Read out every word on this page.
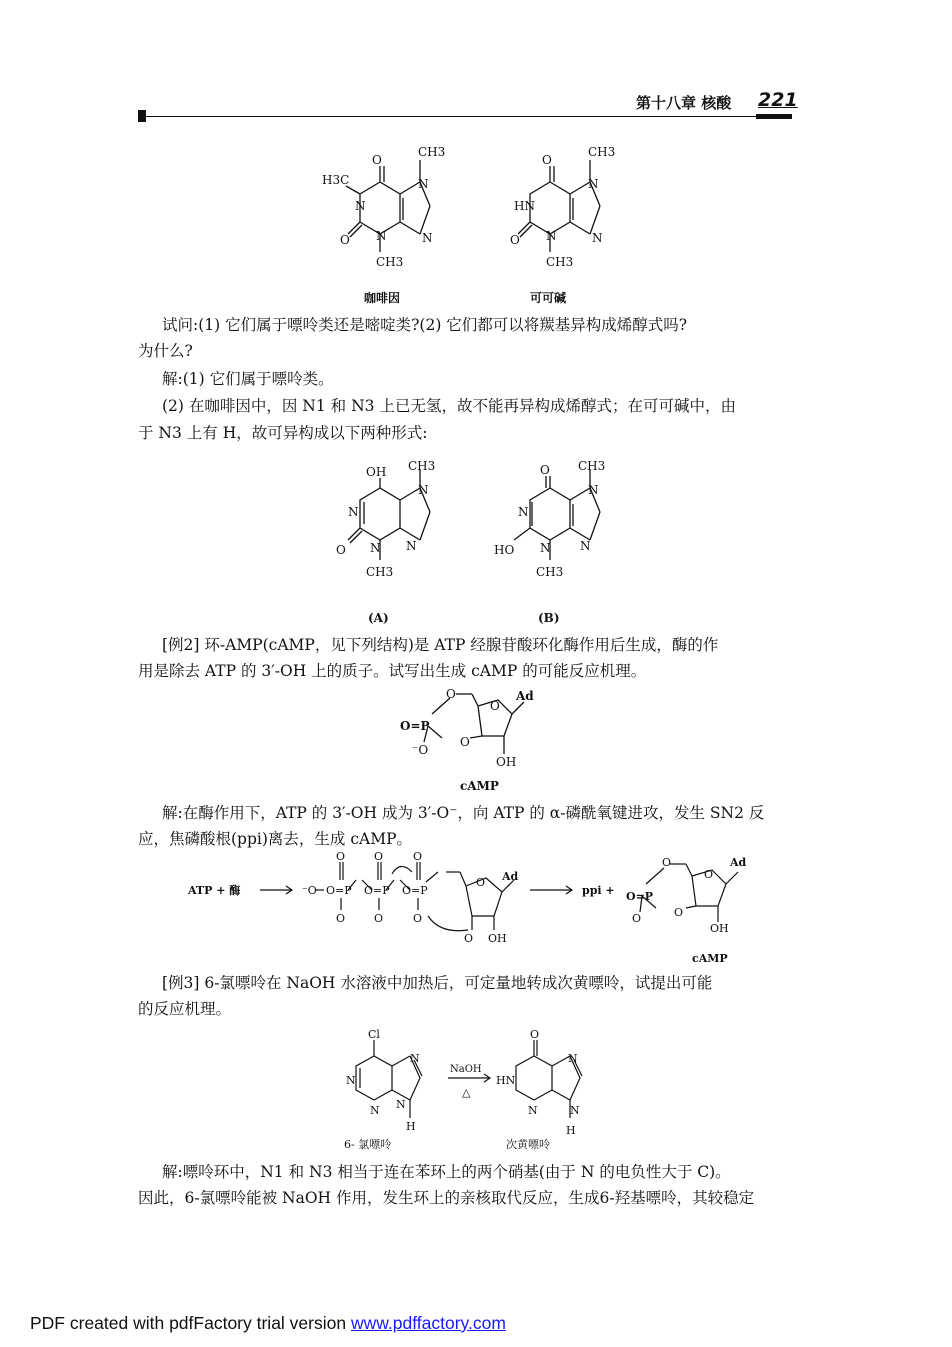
第十八章 核酸 221
O
CH3
H3C
N
N
N
N
O
CH3
O
CH3
HN
N
N
N
O
CH3
咖啡因	可可碱
试问:(1) 它们属于嘌呤类还是嘧啶类?(2) 它们都可以将羰基异构成烯醇式吗?
为什么?
解:(1) 它们属于嘌呤类。
(2) 在咖啡因中，因 N1 和 N3 上已无氢，故不能再异构成烯醇式；在可可碱中，由
于 N3 上有 H，故可异构成以下两种形式:
OH CH3
N
N
N
N
O
CH3
(A)
O CH3
N
N
N
N
HO
CH3
(B)
[例2] 环-AMP(cAMP，见下列结构)是 ATP 经腺苷酸环化酶作用后生成，酶的作
用是除去 ATP 的 3′-OH 上的质子。试写出生成 cAMP 的可能反应机理。
O
O
Ad
O=P
⁻O
O
OH
cAMP
解:在酶作用下，ATP 的 3′-OH 成为 3′-O⁻，向 ATP 的 α-磷酰氧键进攻，发生 SN2 反
应，焦磷酸根(ppi)离去，生成 cAMP。
ATP + 酶	⁻O O=P O=P O=P
O	O	O
O	O	O
O Ad
O OH
ppi +
O
O
Ad
O=P
O	O
OH
cAMP
[例3] 6-氯嘌呤在 NaOH 水溶液中加热后，可定量地转成次黄嘌呤，试提出可能
的反应机理。
Cl
N
N
N N
H
NaOH
△
O
HN
N
N	N
H
6- 氯嘌呤	次黄嘌呤
解:嘌呤环中，N1 和 N3 相当于连在苯环上的两个硝基(由于 N 的电负性大于 C)。
因此，6-氯嘌呤能被 NaOH 作用，发生环上的亲核取代反应，生成6-羟基嘌呤，其较稳定
PDF created with pdfFactory trial version www.pdffactory.com
